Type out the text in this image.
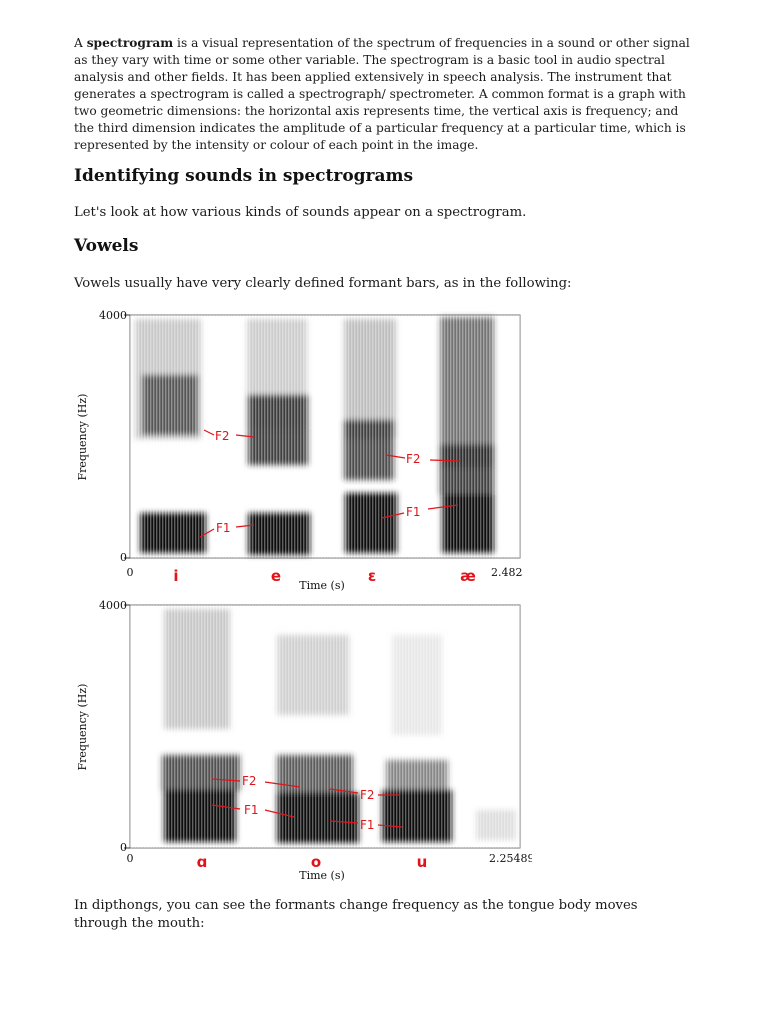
A spectrogram is a visual representation of the spectrum of frequencies in a sound or other signal as they vary with time or some other variable. The spectrogram is a basic tool in audio spectral analysis and other fields. It has been applied extensively in speech analysis. The instrument that generates a spectrogram is called a spectrograph/ spectrometer. A common format is a graph with two geometric dimensions: the horizontal axis represents time, the vertical axis is frequency; and the third dimension indicates the amplitude of a particular frequency at a particular time, which is represented by the intensity or colour of each point in the image.

Identifying sounds in spectrograms

Let's look at how various kinds of sounds appear on a spectrogram.

Vowels

Vowels usually have very clearly defined formant bars, as in the following:

4000
0
0	2.482
Frequency (Hz)
Time (s)
i	e	ε	æ
F2
F1
F2
F1
4000
0
0	2.25489
Frequency (Hz)
Time (s)
ɑ	o	u
F2
F1
F2
F1

In dipthongs, you can see the formants change frequency as the tongue body moves through the mouth:
